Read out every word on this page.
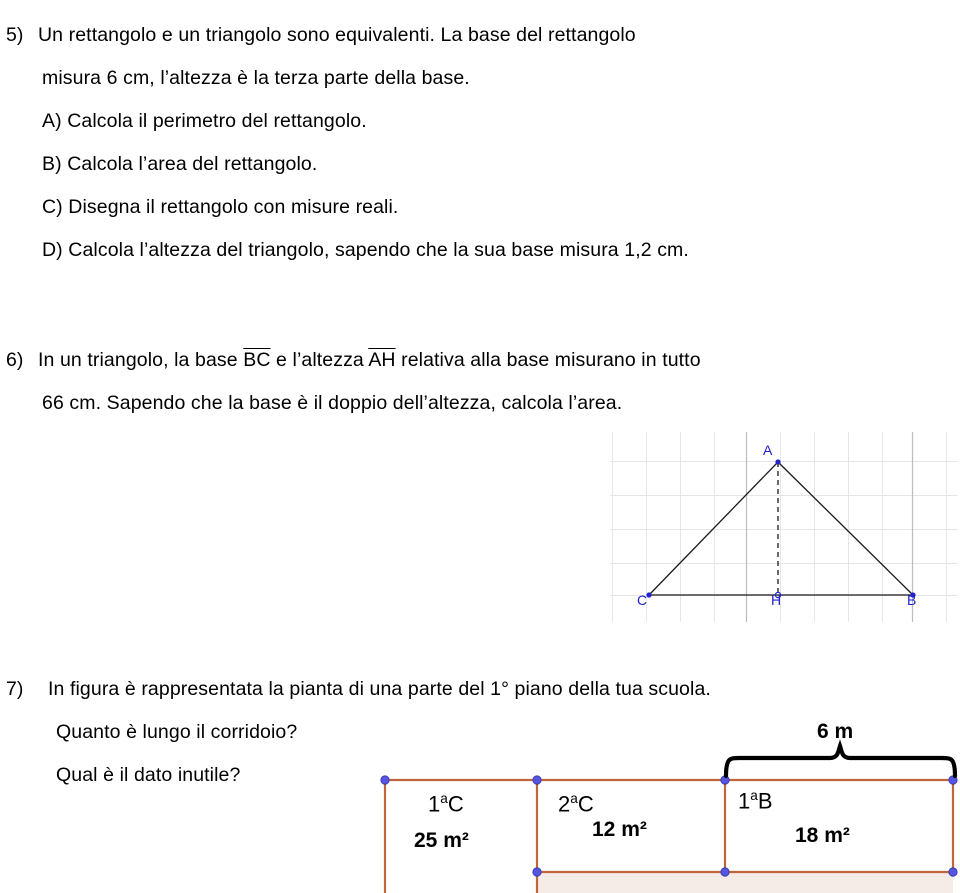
5) Un rettangolo e un triangolo sono equivalenti. La base del rettangolo
misura 6 cm, l’altezza è la terza parte della base.
A) Calcola il perimetro del rettangolo.
B) Calcola l’area del rettangolo.
C) Disegna il rettangolo con misure reali.
D) Calcola l’altezza del triangolo, sapendo che la sua base misura 1,2 cm.
6) In un triangolo, la base $\overline{BC}$ e l’altezza $\overline{AH}$ relativa alla base misurano in tutto
66 cm. Sapendo che la base è il doppio dell’altezza, calcola l’area.
A
C	H	B
7)	In figura è rappresentata la pianta di una parte del 1° piano della tua scuola.
Quanto è lungo il corridoio?
Qual è il dato inutile?
6 m
1$^a$C
25 m²
2$^a$C
12 m²
1$^a$B
18 m²
